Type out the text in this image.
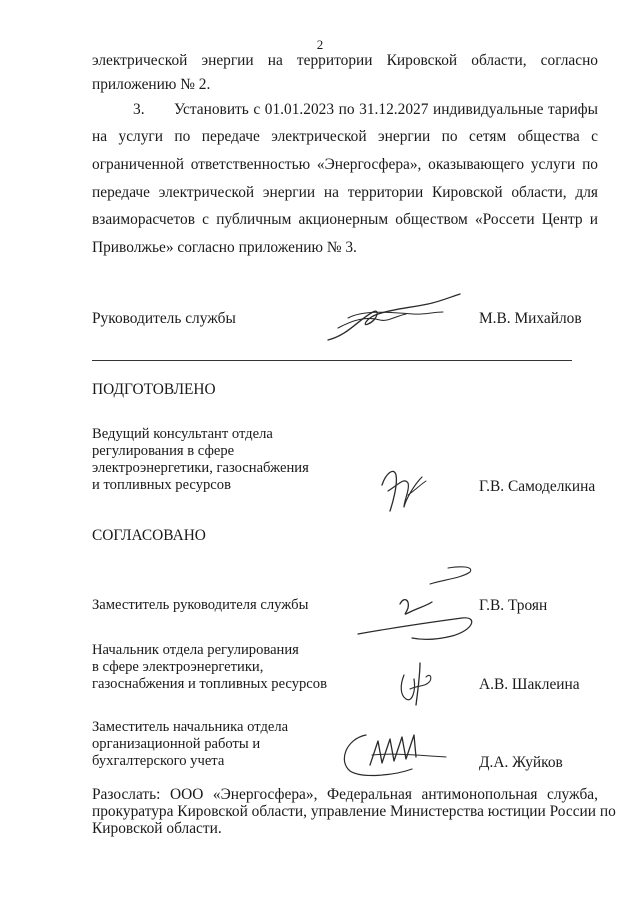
2
электрической энергии на территории Кировской области, согласно
приложению № 2.
3. Установить с 01.01.2023 по 31.12.2027 индивидуальные тарифы
на услуги по передаче электрической энергии по сетям общества с
ограниченной ответственностью «Энергосфера», оказывающего услуги по
передаче электрической энергии на территории Кировской области, для
взаиморасчетов с публичным акционерным обществом «Россети Центр и
Приволжье» согласно приложению № 3.
Руководитель службы	М.В. Михайлов
ПОДГОТОВЛЕНО
Ведущий консультант отдела
регулирования в сфере
электроэнергетики, газоснабжения
и топливных ресурсов	Г.В. Самоделкина
СОГЛАСОВАНО
Заместитель руководителя службы	Г.В. Троян
Начальник отдела регулирования
в сфере электроэнергетики,
газоснабжения и топливных ресурсов	А.В. Шаклеина
Заместитель начальника отдела
организационной работы и
бухгалтерского учета	Д.А. Жуйков
Разослать: ООО «Энергосфера», Федеральная антимонопольная служба,
прокуратура Кировской области, управление Министерства юстиции России по
Кировской области.
